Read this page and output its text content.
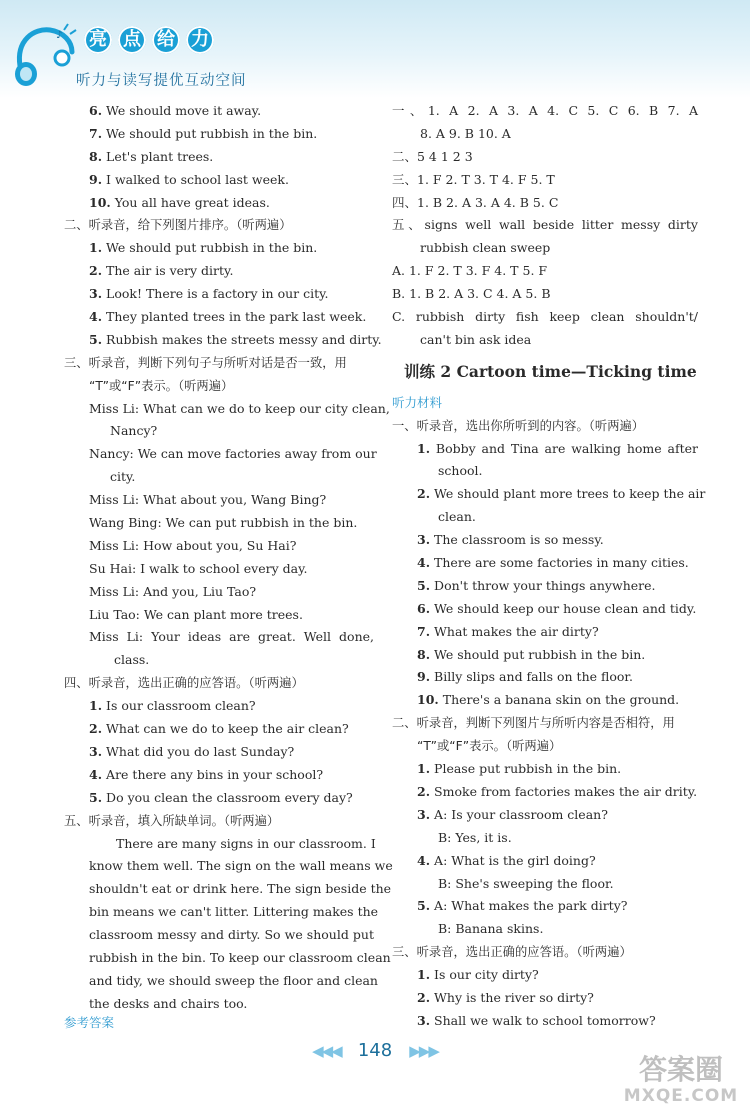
♪ 亮 点 给 力
听力与读写提优互动空间
6. We should move it away.
7. We should put rubbish in the bin.
8. Let's plant trees.
9. I walked to school last week.
10. You all have great ideas.
二、听录音，给下列图片排序。（听两遍）
1. We should put rubbish in the bin.
2. The air is very dirty.
3. Look! There is a factory in our city.
4. They planted trees in the park last week.
5. Rubbish makes the streets messy and dirty.
三、听录音，判断下列句子与所听对话是否一致，用
“T”或“F”表示。（听两遍）
Miss Li: What can we do to keep our city clean,
Nancy?
Nancy: We can move factories away from our
city.
Miss Li: What about you, Wang Bing?
Wang Bing: We can put rubbish in the bin.
Miss Li: How about you, Su Hai?
Su Hai: I walk to school every day.
Miss Li: And you, Liu Tao?
Liu Tao: We can plant more trees.
Miss Li: Your ideas are great. Well done,
class.
四、听录音，选出正确的应答语。（听两遍）
1. Is our classroom clean?
2. What can we do to keep the air clean?
3. What did you do last Sunday?
4. Are there any bins in your school?
5. Do you clean the classroom every day?
五、听录音，填入所缺单词。（听两遍）
There are many signs in our classroom. I
know them well. The sign on the wall means we
shouldn't eat or drink here. The sign beside the
bin means we can't litter. Littering makes the
classroom messy and dirty. So we should put
rubbish in the bin. To keep our classroom clean
and tidy, we should sweep the floor and clean
the desks and chairs too.
参考答案
一、1. A 2. A 3. A 4. C 5. C 6. B 7. A
8. A 9. B 10. A
二、5 4 1 2 3
三、1. F 2. T 3. T 4. F 5. T
四、1. B 2. A 3. A 4. B 5. C
五、signs well wall beside litter messy dirty
rubbish clean sweep
A. 1. F 2. T 3. F 4. T 5. F
B. 1. B 2. A 3. C 4. A 5. B
C. rubbish dirty fish keep clean shouldn't/
can't bin ask idea
训练 2 Cartoon time—Ticking time
听力材料
一、听录音，选出你所听到的内容。（听两遍）
1. Bobby and Tina are walking home after
school.
2. We should plant more trees to keep the air
clean.
3. The classroom is so messy.
4. There are some factories in many cities.
5. Don't throw your things anywhere.
6. We should keep our house clean and tidy.
7. What makes the air dirty?
8. We should put rubbish in the bin.
9. Billy slips and falls on the floor.
10. There's a banana skin on the ground.
二、听录音，判断下列图片与所听内容是否相符，用
“T”或“F”表示。（听两遍）
1. Please put rubbish in the bin.
2. Smoke from factories makes the air drity.
3. A: Is your classroom clean?
B: Yes, it is.
4. A: What is the girl doing?
B: She's sweeping the floor.
5. A: What makes the park dirty?
B: Banana skins.
三、听录音，选出正确的应答语。（听两遍）
1. Is our city dirty?
2. Why is the river so dirty?
3. Shall we walk to school tomorrow?
◀◀◀ 148 ▶▶▶
答案圈
MXQE.COM
